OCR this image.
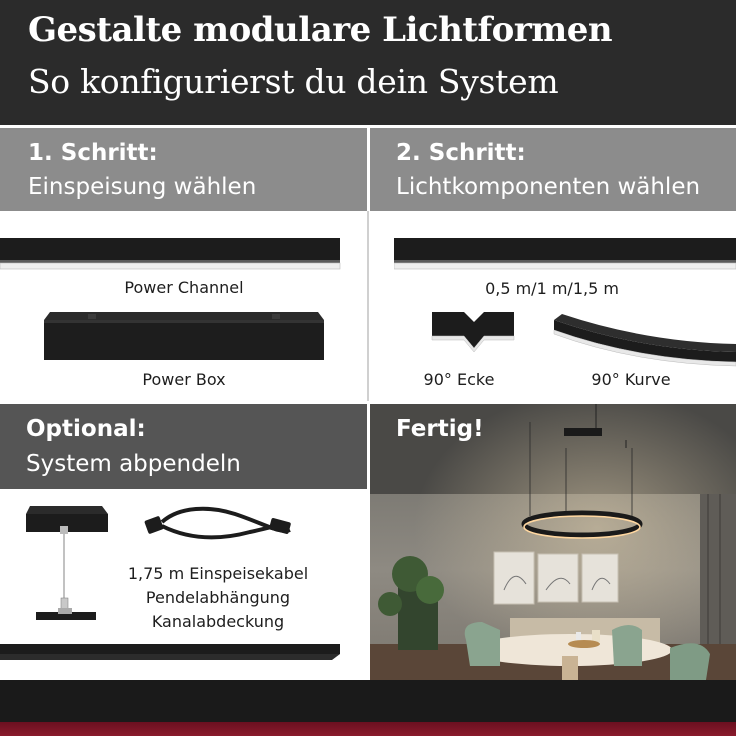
Gestalte modulare Lichtformen
So konfigurierst du dein System
1. Schritt:
Einspeisung wählen
2. Schritt:
Lichtkomponenten wählen
Power Channel
Power Box
0,5 m/1 m/1,5 m
90° Ecke	90° Kurve
Optional:
System abpendeln
1,75 m Einspeisekabel
Pendelabhängung
Kanalabdeckung
Fertig!
